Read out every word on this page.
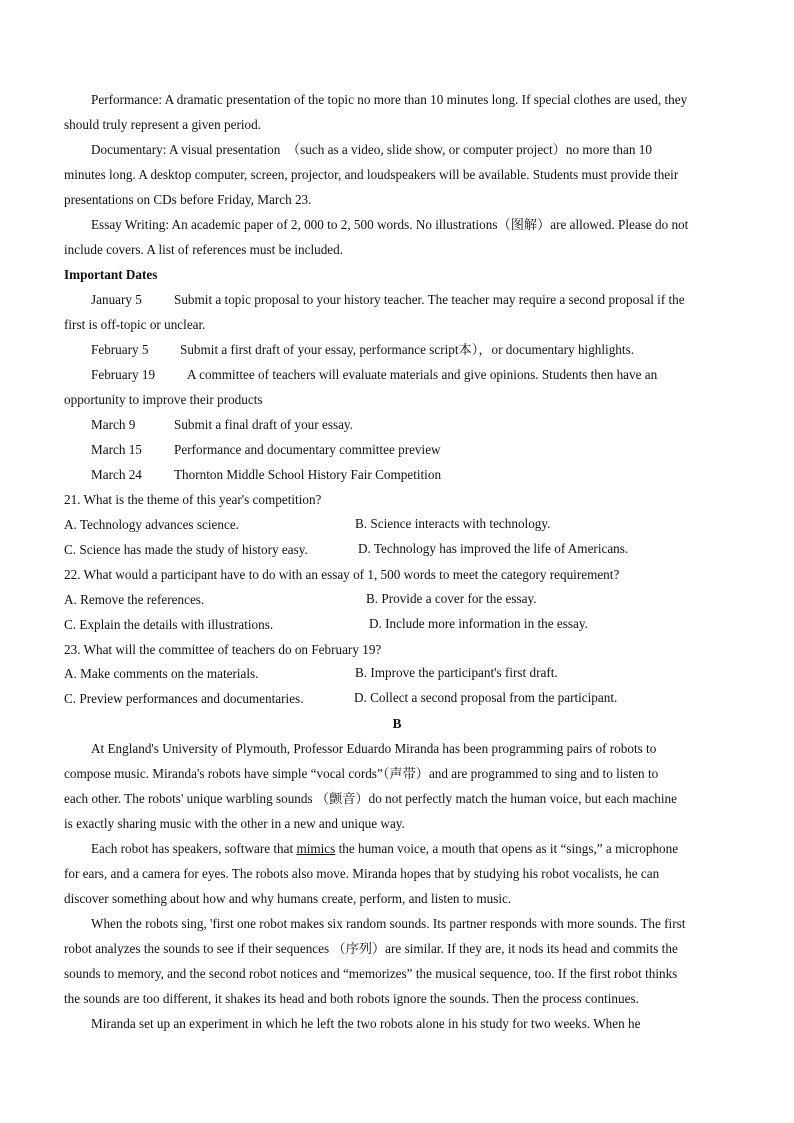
Performance: A dramatic presentation of the topic no more than 10 minutes long. If special clothes are used, they
should truly represent a given period.
Documentary: A visual presentation　（such as a video, slide show, or computer project）no more than 10
minutes long. A desktop computer, screen, projector, and loudspeakers will be available. Students must provide their
presentations on CDs before Friday, March 23.
Essay Writing: An academic paper of 2, 000 to 2, 500 words. No illustrations（图解）are allowed. Please do not
include covers. A list of references must be included.
Important Dates
January 5 Submit a topic proposal to your history teacher. The teacher may require a second proposal if the
first is off-topic or unclear.
February 5 Submit a first draft of your essay, performance script本），or documentary highlights.
February 19 A committee of teachers will evaluate materials and give opinions. Students then have an
opportunity to improve their products
March 9	Submit a final draft of your essay.
March 15 Performance and documentary committee preview
March 24 Thornton Middle School History Fair Competition
21. What is the theme of this year's competition?
A. Technology advances science.	B. Science interacts with technology.
C. Science has made the study of history easy.	D. Technology has improved the life of Americans.
22. What would a participant have to do with an essay of 1, 500 words to meet the category requirement?
A. Remove the references.	B. Provide a cover for the essay.
C. Explain the details with illustrations.	D. Include more information in the essay.
23. What will the committee of teachers do on February 19?
A. Make comments on the materials.	B. Improve the participant's first draft.
C. Preview performances and documentaries.	D. Collect a second proposal from the participant.
B
At England's University of Plymouth, Professor Eduardo Miranda has been programming pairs of robots to
compose music. Miranda's robots have simple “vocal cords”（声带）and are programmed to sing and to listen to
each other. The robots' unique warbling sounds （颤音）do not perfectly match the human voice, but each machine
is exactly sharing music with the other in a new and unique way.
Each robot has speakers, software that mimics the human voice, a mouth that opens as it “sings,” a microphone
for ears, and a camera for eyes. The robots also move. Miranda hopes that by studying his robot vocalists, he can
discover something about how and why humans create, perform, and listen to music.
When the robots sing, 'first one robot makes six random sounds. Its partner responds with more sounds. The first
robot analyzes the sounds to see if their sequences （序列）are similar. If they are, it nods its head and commits the
sounds to memory, and the second robot notices and “memorizes” the musical sequence, too. If the first robot thinks
the sounds are too different, it shakes its head and both robots ignore the sounds. Then the process continues.
Miranda set up an experiment in which he left the two robots alone in his study for two weeks. When he
